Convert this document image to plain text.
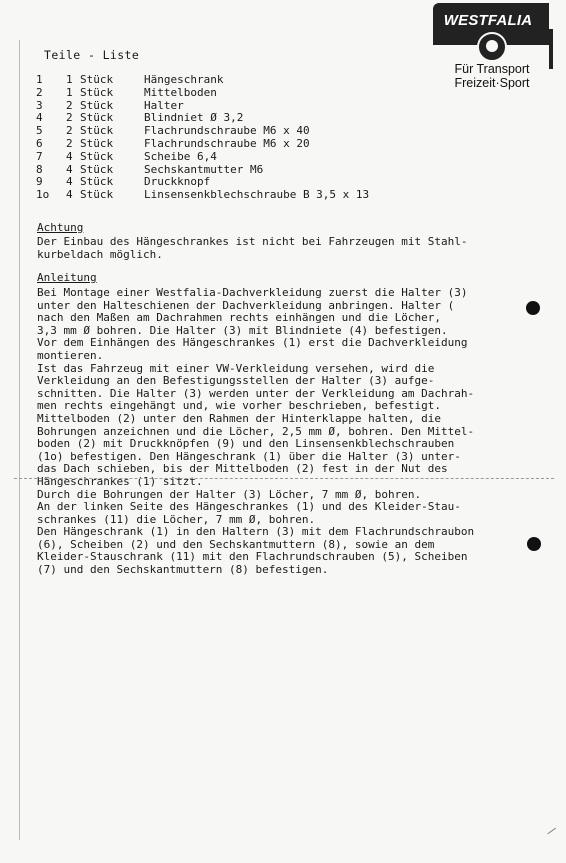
Teile - Liste
WESTFALIA
Für Transport
Freizeit·Sport
1	1 Stück	Hängeschrank
2	1 Stück	Mittelboden
3	2 Stück	Halter
4	2 Stück	Blindniet Ø 3,2
5	2 Stück	Flachrundschraube M6 x 40
6	2 Stück	Flachrundschraube M6 x 20
7	4 Stück	Scheibe 6,4
8	4 Stück	Sechskantmutter M6
9	4 Stück	Druckknopf
1o	4 Stück	Linsensenkblechschraube B 3,5 x 13
Achtung
Der Einbau des Hängeschrankes ist nicht bei Fahrzeugen mit Stahl-
kurbeldach möglich.
Anleitung
Bei Montage einer Westfalia-Dachverkleidung zuerst die Halter (3)
unter den Halteschienen der Dachverkleidung anbringen. Halter (
nach den Maßen am Dachrahmen rechts einhängen und die Löcher,
3,3 mm Ø bohren. Die Halter (3) mit Blindniete (4) befestigen.
Vor dem Einhängen des Hängeschrankes (1) erst die Dachverkleidung
montieren.
Ist das Fahrzeug mit einer VW-Verkleidung versehen, wird die
Verkleidung an den Befestigungsstellen der Halter (3) aufge-
schnitten. Die Halter (3) werden unter der Verkleidung am Dachrah-
men rechts eingehängt und, wie vorher beschrieben, befestigt.
Mittelboden (2) unter den Rahmen der Hinterklappe halten, die
Bohrungen anzeichnen und die Löcher, 2,5 mm Ø, bohren. Den Mittel-
boden (2) mit Druckknöpfen (9) und den Linsensenkblechschrauben
(1o) befestigen. Den Hängeschrank (1) über die Halter (3) unter-
das Dach schieben, bis der Mittelboden (2) fest in der Nut des
Hängeschrankes (1) sitzt.
Durch die Bohrungen der Halter (3) Löcher, 7 mm Ø, bohren.
An der linken Seite des Hängeschrankes (1) und des Kleider-Stau-
schrankes (11) die Löcher, 7 mm Ø, bohren.
Den Hängeschrank (1) in den Haltern (3) mit dem Flachrundschraubon
(6), Scheiben (2) und den Sechskantmuttern (8), sowie an dem
Kleider-Stauschrank (11) mit den Flachrundschrauben (5), Scheiben
(7) und den Sechskantmuttern (8) befestigen.
